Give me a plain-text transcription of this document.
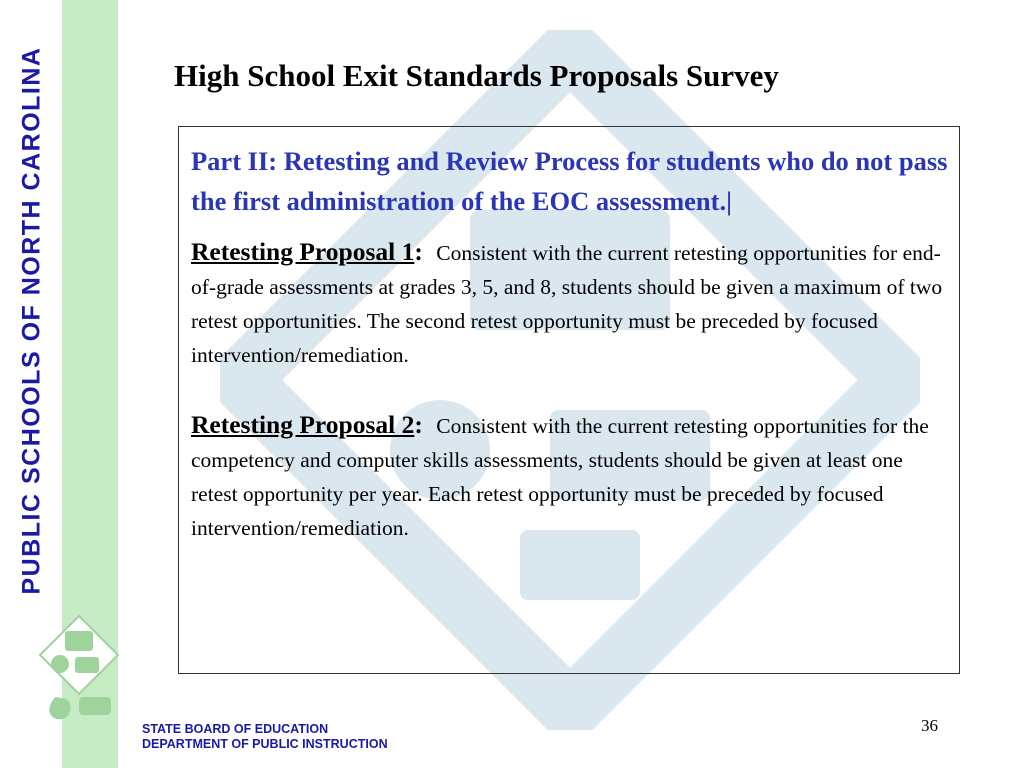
PUBLIC SCHOOLS OF NORTH CAROLINA	High School Exit Standards Proposals Survey

Part II: Retesting and Review Process for students who do not pass the first administration of the EOC assessment.|

Retesting Proposal 1: Consistent with the current retesting opportunities for end-of-grade assessments at grades 3, 5, and 8, students should be given a maximum of two retest opportunities. The second retest opportunity must be preceded by focused intervention/remediation.

Retesting Proposal 2: Consistent with the current retesting opportunities for the competency and computer skills assessments, students should be given at least one retest opportunity per year. Each retest opportunity must be preceded by focused intervention/remediation.

STATE BOARD OF EDUCATION
DEPARTMENT OF PUBLIC INSTRUCTION
36
